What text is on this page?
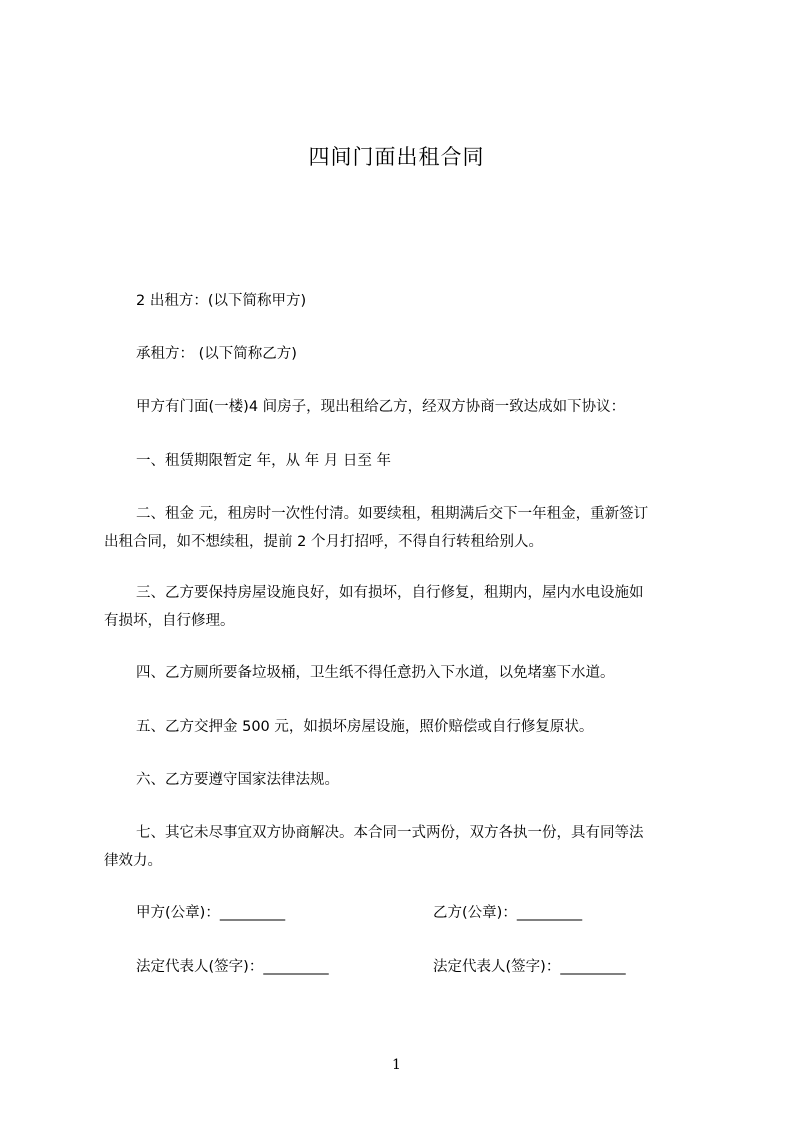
四间门面出租合同
2 出租方：(以下简称甲方)
承租方： (以下简称乙方)
甲方有门面(一楼)4 间房子，现出租给乙方，经双方协商一致达成如下协议：
一、租赁期限暂定 年，从 年 月 日至 年
二、租金 元，租房时一次性付清。如要续租，租期满后交下一年租金，重新签订
出租合同，如不想续租，提前 2 个月打招呼，不得自行转租给别人。
三、乙方要保持房屋设施良好，如有损坏，自行修复，租期内，屋内水电设施如
有损坏，自行修理。
四、乙方厕所要备垃圾桶，卫生纸不得任意扔入下水道，以免堵塞下水道。
五、乙方交押金 500 元，如损坏房屋设施，照价赔偿或自行修复原状。
六、乙方要遵守国家法律法规。
七、其它未尽事宜双方协商解决。本合同一式两份，双方各执一份，具有同等法
律效力。
甲方(公章)：_________	乙方(公章)：_________
法定代表人(签字)：_________	法定代表人(签字)：_________
1
